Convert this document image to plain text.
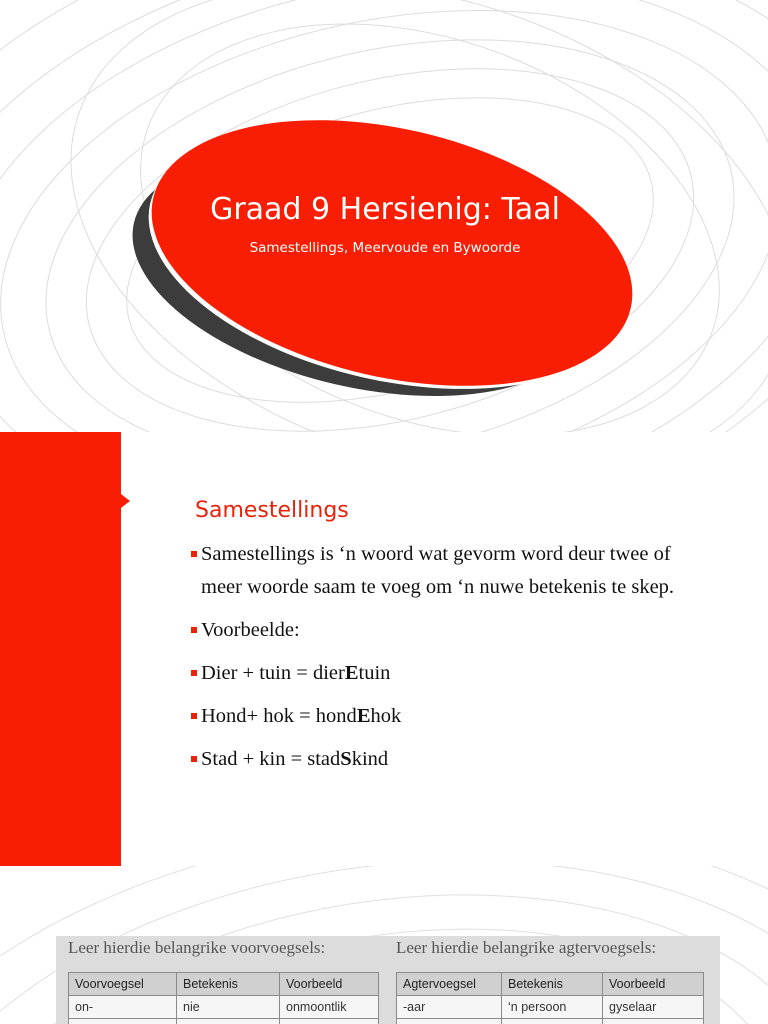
Graad 9 Hersienig: Taal
Samestellings, Meervoude en Bywoorde
Samestellings
Samestellings is ‘n woord wat gevorm word deur twee of meer woorde saam te voeg om ‘n nuwe betekenis te skep.
Voorbeelde:
Dier + tuin = dierEtuin
Hond+ hok = hondEhok
Stad + kin = stadSkind
Leer hierdie belangrike voorvoegsels:
Voorvoegsel	Betekenis	Voorbeeld
on-	nie	onmoontlik

Leer hierdie belangrike agtervoegsels:
Agtervoegsel	Betekenis	Voorbeeld
-aar	‘n persoon	gyselaar
